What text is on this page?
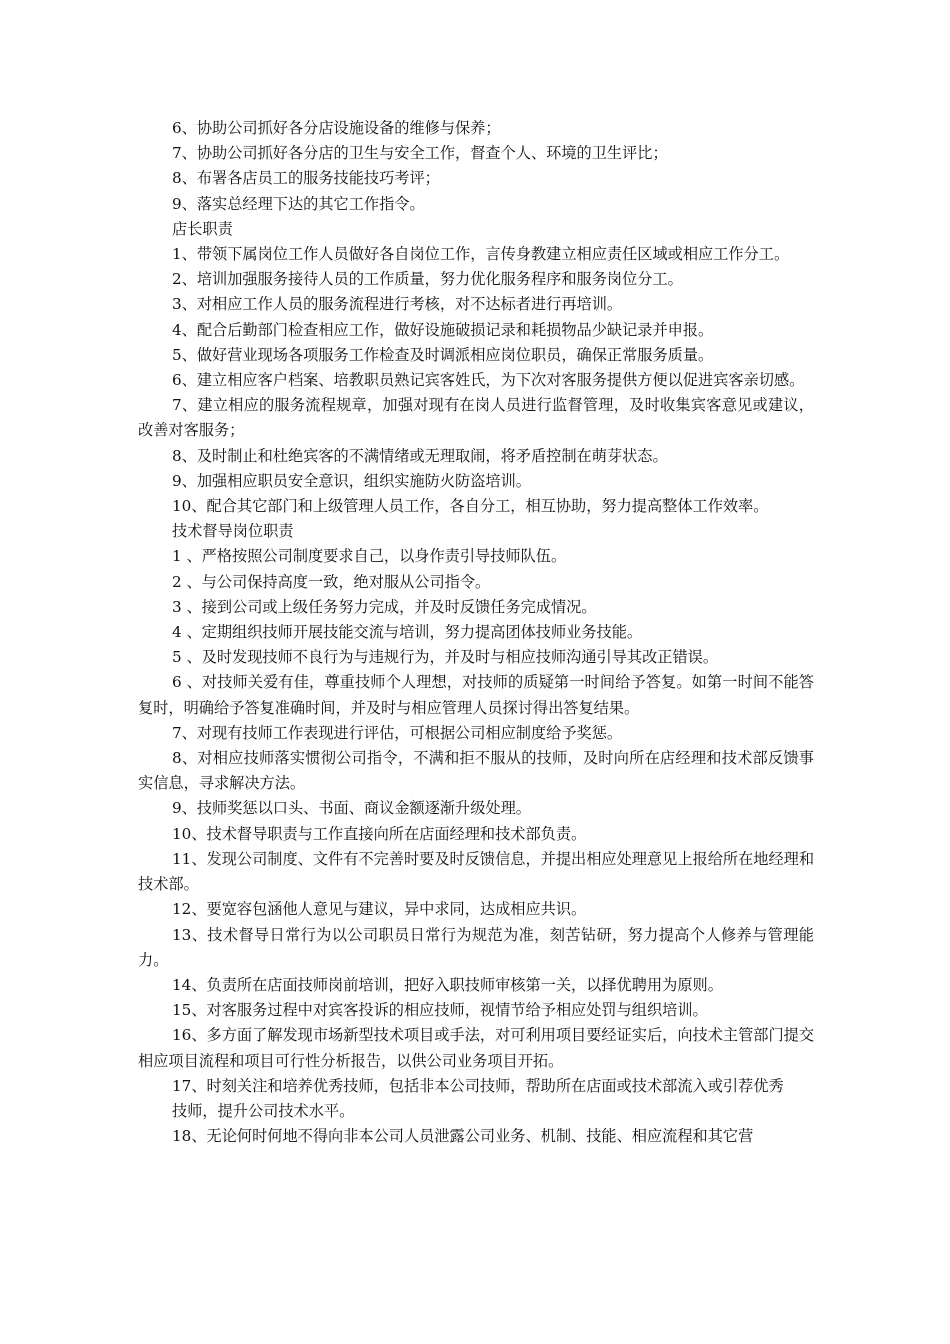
6、协助公司抓好各分店设施设备的维修与保养；

7、协助公司抓好各分店的卫生与安全工作，督查个人、环境的卫生评比；

8、布署各店员工的服务技能技巧考评；

9、落实总经理下达的其它工作指令。

店长职责

1、带领下属岗位工作人员做好各自岗位工作，言传身教建立相应责任区域或相应工作分工。

2、培训加强服务接待人员的工作质量，努力优化服务程序和服务岗位分工。

3、对相应工作人员的服务流程进行考核，对不达标者进行再培训。

4、配合后勤部门检查相应工作，做好设施破损记录和耗损物品少缺记录并申报。

5、做好营业现场各项服务工作检查及时调派相应岗位职员，确保正常服务质量。

6、建立相应客户档案、培教职员熟记宾客姓氏，为下次对客服务提供方便以促进宾客亲切感。

7、建立相应的服务流程规章，加强对现有在岗人员进行监督管理，及时收集宾客意见或建议，改善对客服务；

8、及时制止和杜绝宾客的不满情绪或无理取闹，将矛盾控制在萌芽状态。

9、加强相应职员安全意识，组织实施防火防盗培训。

10、配合其它部门和上级管理人员工作，各自分工，相互协助，努力提高整体工作效率。

技术督导岗位职责

1 、严格按照公司制度要求自己，以身作责引导技师队伍。

2 、与公司保持高度一致，绝对服从公司指令。

3 、接到公司或上级任务努力完成，并及时反馈任务完成情况。

4 、定期组织技师开展技能交流与培训，努力提高团体技师业务技能。

5 、及时发现技师不良行为与违规行为，并及时与相应技师沟通引导其改正错误。

6 、对技师关爱有佳，尊重技师个人理想，对技师的质疑第一时间给予答复。如第一时间不能答复时，明确给予答复准确时间，并及时与相应管理人员探讨得出答复结果。

7、对现有技师工作表现进行评估，可根据公司相应制度给予奖惩。

8、对相应技师落实惯彻公司指令，不满和拒不服从的技师，及时向所在店经理和技术部反馈事实信息，寻求解决方法。

9、技师奖惩以口头、书面、商议金额逐渐升级处理。

10、技术督导职责与工作直接向所在店面经理和技术部负责。

11、发现公司制度、文件有不完善时要及时反馈信息，并提出相应处理意见上报给所在地经理和技术部。

12、要宽容包涵他人意见与建议，异中求同，达成相应共识。

13、技术督导日常行为以公司职员日常行为规范为准，刻苦钻研，努力提高个人修养与管理能力。

14、负责所在店面技师岗前培训，把好入职技师审核第一关，以择优聘用为原则。

15、对客服务过程中对宾客投诉的相应技师，视情节给予相应处罚与组织培训。

16、多方面了解发现市场新型技术项目或手法，对可利用项目要经证实后，向技术主管部门提交相应项目流程和项目可行性分析报告，以供公司业务项目开拓。

17、时刻关注和培养优秀技师，包括非本公司技师，帮助所在店面或技术部流入或引荐优秀

技师，提升公司技术水平。

18、无论何时何地不得向非本公司人员泄露公司业务、机制、技能、相应流程和其它营
